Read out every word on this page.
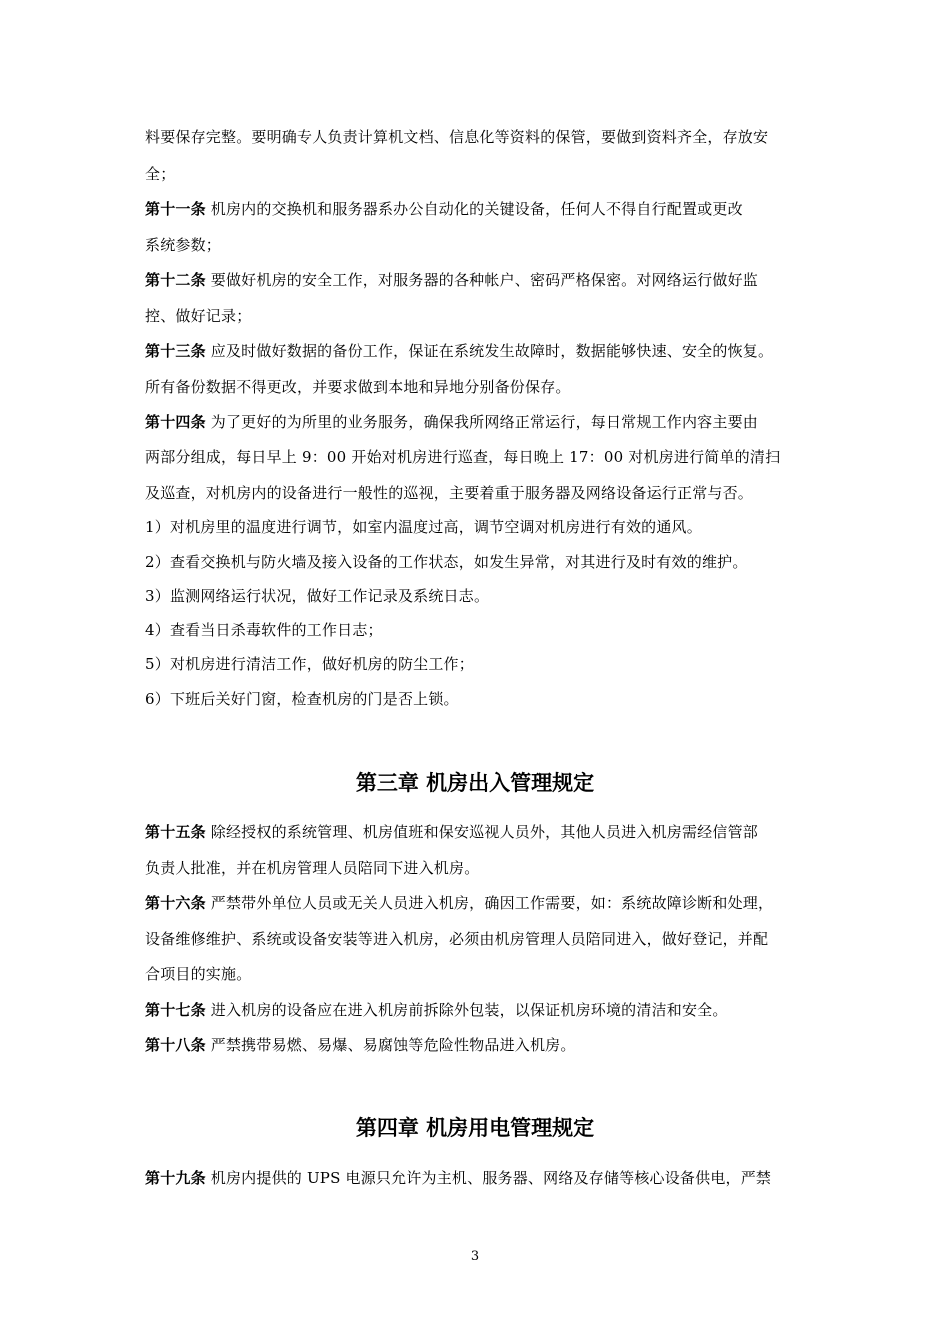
料要保存完整。要明确专人负责计算机文档、信息化等资料的保管，要做到资料齐全，存放安
全；
第十一条 机房内的交换机和服务器系办公自动化的关键设备，任何人不得自行配置或更改
系统参数；
第十二条 要做好机房的安全工作，对服务器的各种帐户、密码严格保密。对网络运行做好监
控、做好记录；
第十三条 应及时做好数据的备份工作，保证在系统发生故障时，数据能够快速、安全的恢复。
所有备份数据不得更改，并要求做到本地和异地分别备份保存。
第十四条 为了更好的为所里的业务服务，确保我所网络正常运行，每日常规工作内容主要由
两部分组成，每日早上 9：00 开始对机房进行巡查，每日晚上 17：00 对机房进行简单的清扫
及巡查，对机房内的设备进行一般性的巡视，主要着重于服务器及网络设备运行正常与否。
1）对机房里的温度进行调节，如室内温度过高，调节空调对机房进行有效的通风。
2）查看交换机与防火墙及接入设备的工作状态，如发生异常，对其进行及时有效的维护。
3）监测网络运行状况，做好工作记录及系统日志。
4）查看当日杀毒软件的工作日志；
5）对机房进行清洁工作，做好机房的防尘工作；
6）下班后关好门窗，检查机房的门是否上锁。
第三章 机房出入管理规定
第十五条 除经授权的系统管理、机房值班和保安巡视人员外，其他人员进入机房需经信管部
负责人批准，并在机房管理人员陪同下进入机房。
第十六条 严禁带外单位人员或无关人员进入机房，确因工作需要，如：系统故障诊断和处理，
设备维修维护、系统或设备安装等进入机房，必须由机房管理人员陪同进入，做好登记，并配
合项目的实施。
第十七条 进入机房的设备应在进入机房前拆除外包装，以保证机房环境的清洁和安全。
第十八条 严禁携带易燃、易爆、易腐蚀等危险性物品进入机房。
第四章 机房用电管理规定
第十九条 机房内提供的 UPS 电源只允许为主机、服务器、网络及存储等核心设备供电，严禁
3
